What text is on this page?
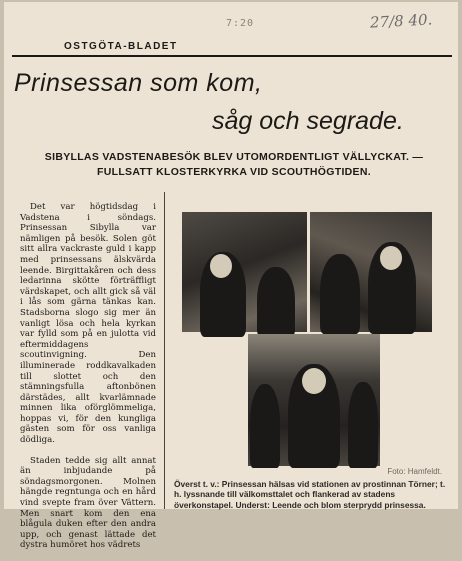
7:20	27/8 40.
OSTGÖTA-BLADET
Prinsessan som kom,
såg och segrade.
SIBYLLAS VADSTENABESÖK BLEV UTOMORDENTLIGT VÄLLYCKAT. — FULLSATT KLOSTERKYRKA VID SCOUTHÖGTIDEN.

Det var högtidsdag i Vadstena i söndags. Prinsessan Sibylla var nämligen på besök. Solen göt sitt allra vackraste guld i kapp med prinsessans älskvärda leende. Birgittakåren och dess ledarinna skötte förträffligt värdskapet, och allt gick så väl i lås som gärna tänkas kan. Stadsborna slogo sig mer än vanligt lösa och hela kyrkan var fylld som på en julotta vid eftermiddagens scoutinvigning. Den illuminerade roddkavalkaden till slottet och den stämningsfulla aftonbönen därstädes, allt kvarlämnade minnen lika oförglömmeliga, hoppas vi, för den kungliga gästen som för oss vanliga dödliga.

Staden tedde sig allt annat än inbjudande på söndagsmorgonen. Molnen hängde regntunga och en hård vind svepte fram över Vättern. Men snart kom den ena blågula duken efter den andra upp, och genast lättade det dystra humöret hos vädrets

Foto: Hamfeldt.
Överst t. v.: Prinsessan hälsas vid stationen av prostinnan Törner; t. h. lyssnande till välkomsttalet och flankerad av stadens överkonstapel. Underst: Leende och blom sterprydd prinsessa.
